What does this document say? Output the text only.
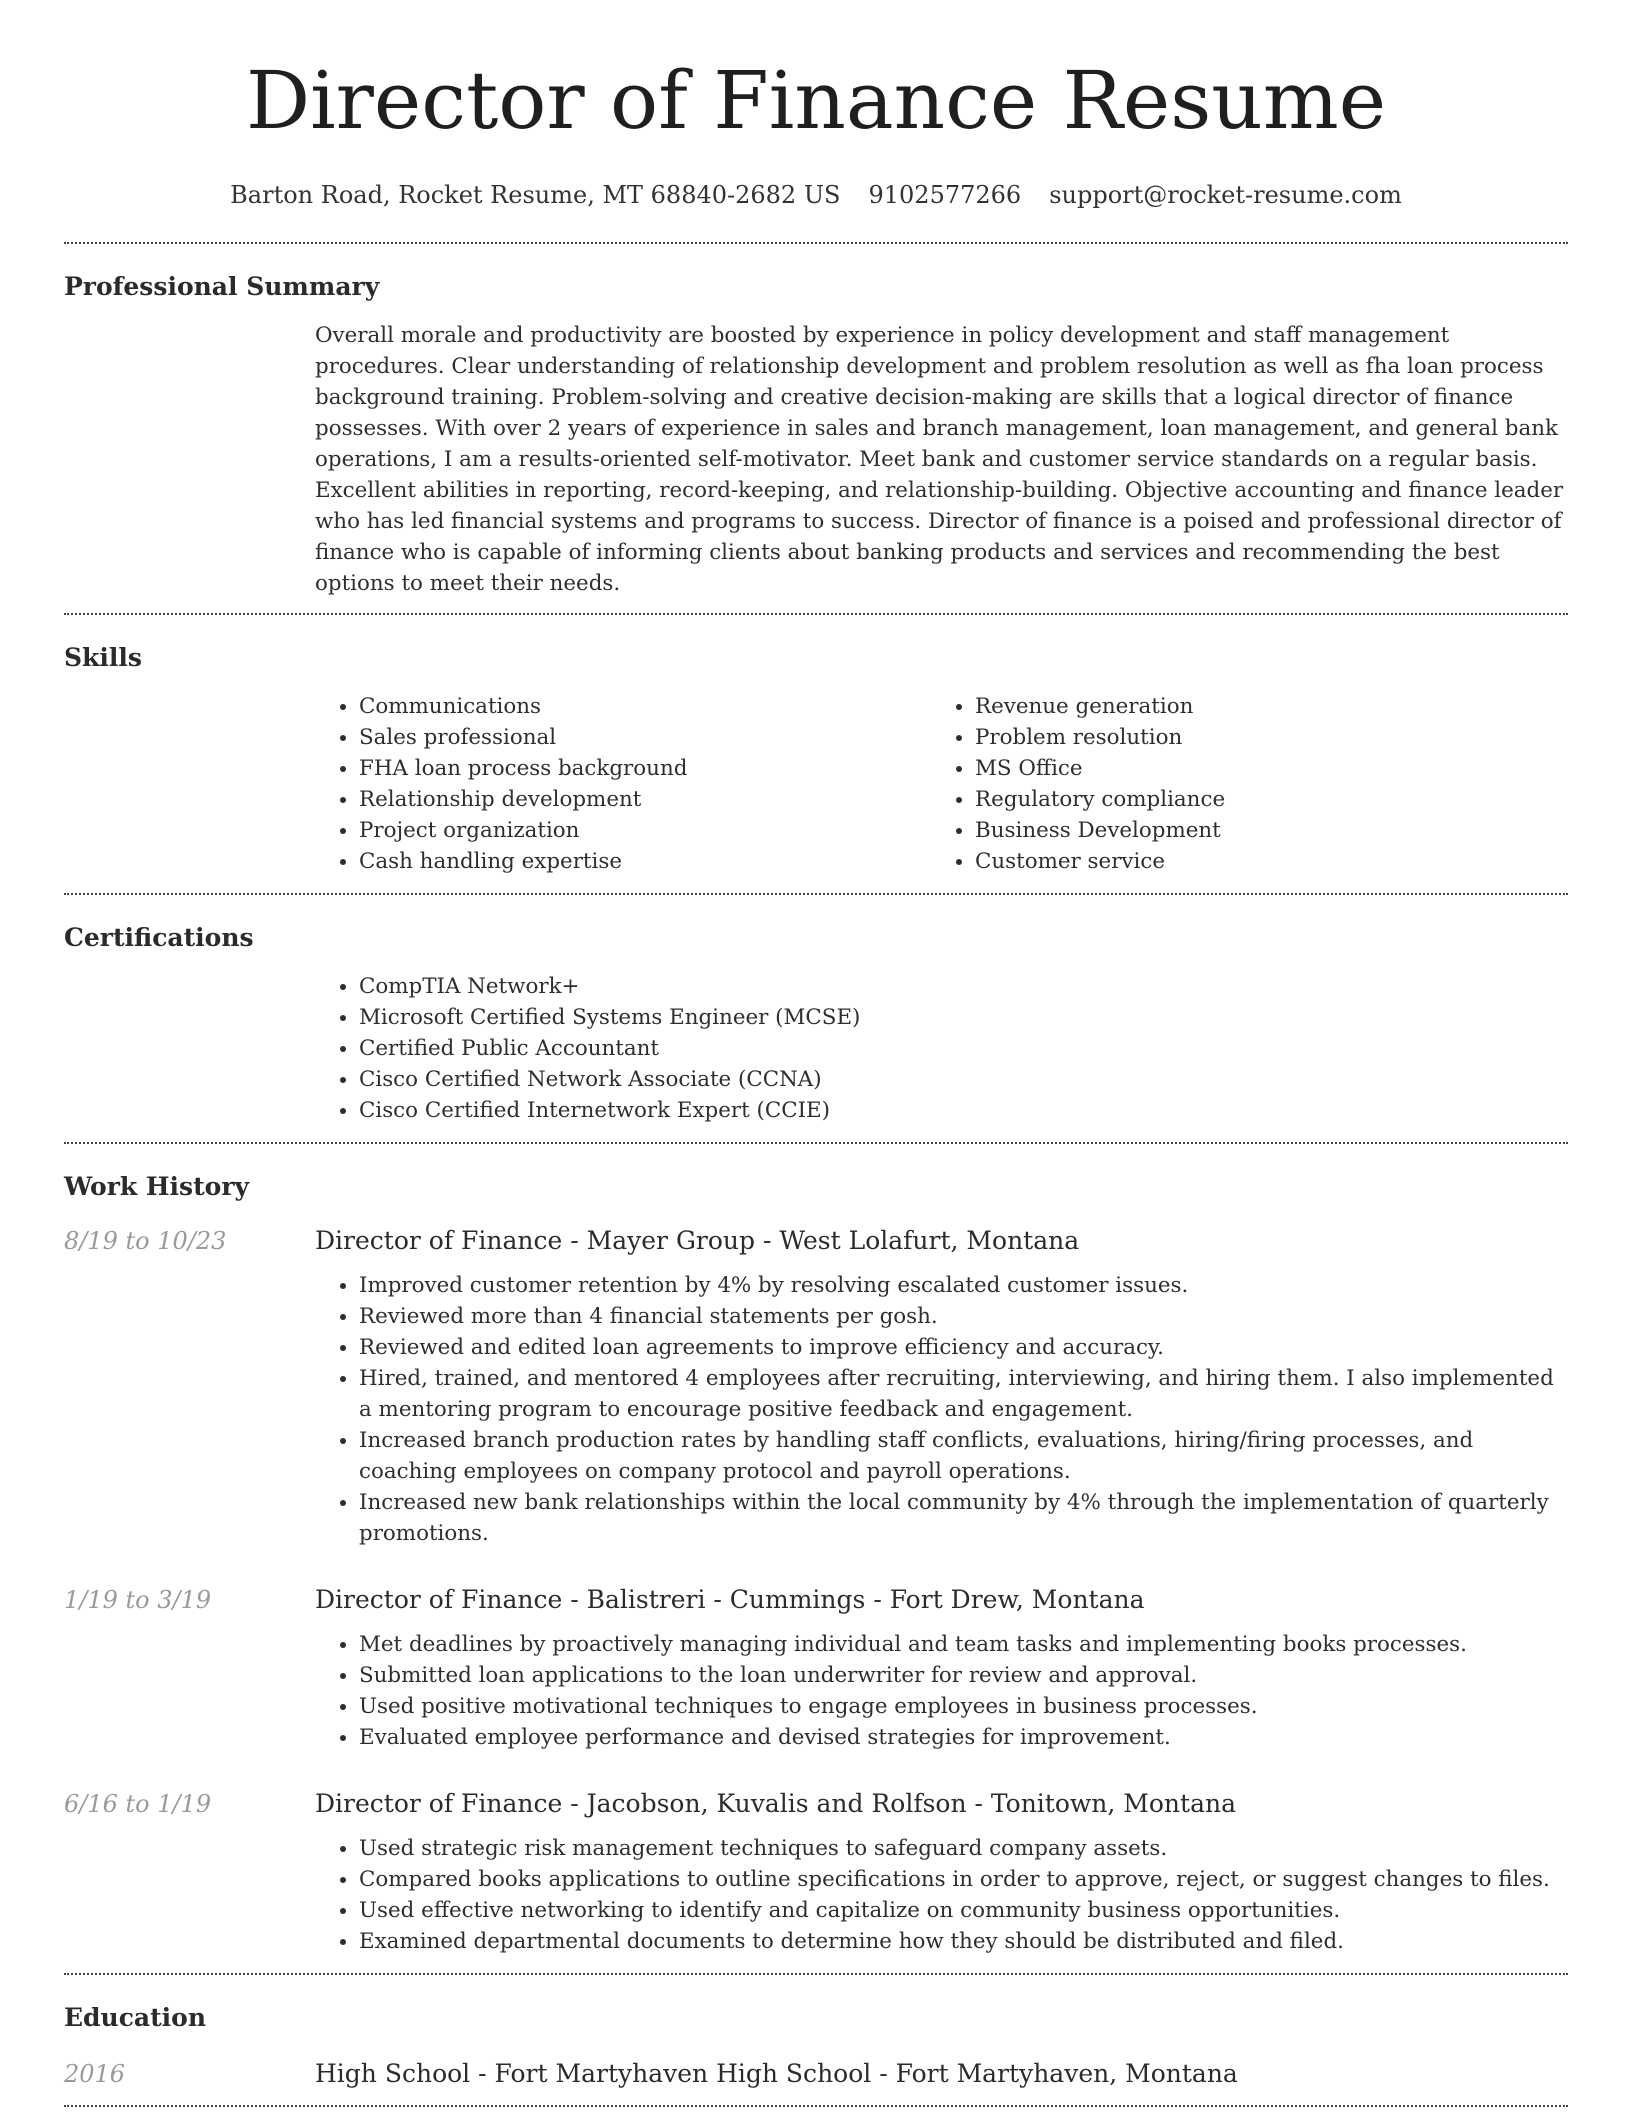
Director of Finance Resume
Barton Road, Rocket Resume, MT 68840-2682 US 9102577266 support@rocket-resume.com
Professional Summary

Overall morale and productivity are boosted by experience in policy development and staff management procedures. Clear understanding of relationship development and problem resolution as well as fha loan process background training. Problem-solving and creative decision-making are skills that a logical director of finance possesses. With over 2 years of experience in sales and branch management, loan management, and general bank operations, I am a results-oriented self-motivator. Meet bank and customer service standards on a regular basis. Excellent abilities in reporting, record-keeping, and relationship-building. Objective accounting and finance leader who has led financial systems and programs to success. Director of finance is a poised and professional director of finance who is capable of informing clients about banking products and services and recommending the best options to meet their needs.

Skills
• Communications
• Sales professional
• FHA loan process background
• Relationship development
• Project organization
• Cash handling expertise
• Revenue generation
• Problem resolution
• MS Office
• Regulatory compliance
• Business Development
• Customer service
Certifications
• CompTIA Network+
• Microsoft Certified Systems Engineer (MCSE)
• Certified Public Accountant
• Cisco Certified Network Associate (CCNA)
• Cisco Certified Internetwork Expert (CCIE)
Work History
8/19 to 10/23	Director of Finance - Mayer Group - West Lolafurt, Montana
• Improved customer retention by 4% by resolving escalated customer issues.
• Reviewed more than 4 financial statements per gosh.
• Reviewed and edited loan agreements to improve efficiency and accuracy.
• Hired, trained, and mentored 4 employees after recruiting, interviewing, and hiring them. I also implemented a mentoring program to encourage positive feedback and engagement.
• Increased branch production rates by handling staff conflicts, evaluations, hiring/firing processes, and coaching employees on company protocol and payroll operations.
• Increased new bank relationships within the local community by 4% through the implementation of quarterly promotions.
1/19 to 3/19	Director of Finance - Balistreri - Cummings - Fort Drew, Montana
• Met deadlines by proactively managing individual and team tasks and implementing books processes.
• Submitted loan applications to the loan underwriter for review and approval.
• Used positive motivational techniques to engage employees in business processes.
• Evaluated employee performance and devised strategies for improvement.
6/16 to 1/19	Director of Finance - Jacobson, Kuvalis and Rolfson - Tonitown, Montana
• Used strategic risk management techniques to safeguard company assets.
• Compared books applications to outline specifications in order to approve, reject, or suggest changes to files.
• Used effective networking to identify and capitalize on community business opportunities.
• Examined departmental documents to determine how they should be distributed and filed.
Education
2016	High School - Fort Martyhaven High School - Fort Martyhaven, Montana
